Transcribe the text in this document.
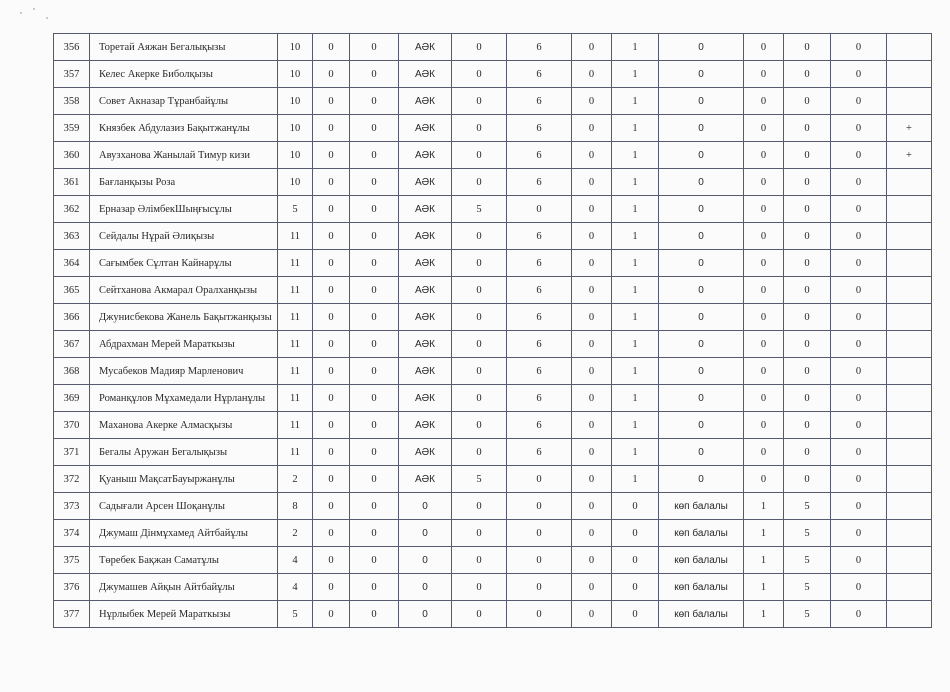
356	Торетай Аяжан Бегалықызы	10	0	0	АӘК	0	6	0	1	0	0	0	0	
357	Келес Акерке Биболқызы	10	0	0	АӘК	0	6	0	1	0	0	0	0	
358	Совет Акназар Тұранбайұлы	10	0	0	АӘК	0	6	0	1	0	0	0	0	
359	Князбек Абдулазиз Бақытжанұлы	10	0	0	АӘК	0	6	0	1	0	0	0	0	+
360	Авузханова Жанылай Тимур кизи	10	0	0	АӘК	0	6	0	1	0	0	0	0	+
361	Бағланқызы Роза	10	0	0	АӘК	0	6	0	1	0	0	0	0	
362	Ерназар ӘлімбекШыңғысұлы	5	0	0	АӘК	5	0	0	1	0	0	0	0	
363	Сейдалы Нұрай Әлиқызы	11	0	0	АӘК	0	6	0	1	0	0	0	0	
364	Сағымбек Сұлтан Кайнарұлы	11	0	0	АӘК	0	6	0	1	0	0	0	0	
365	Сейтханова Акмарал Оралханқызы	11	0	0	АӘК	0	6	0	1	0	0	0	0	
366	Джунисбекова Жанель Бақытжанқызы	11	0	0	АӘК	0	6	0	1	0	0	0	0	
367	Абдрахман Мерей Мараткызы	11	0	0	АӘК	0	6	0	1	0	0	0	0	
368	Мусабеков Мадияр Марленович	11	0	0	АӘК	0	6	0	1	0	0	0	0	
369	Романқұлов Мұхамедали Нұрланұлы	11	0	0	АӘК	0	6	0	1	0	0	0	0	
370	Маханова Акерке Алмасқызы	11	0	0	АӘК	0	6	0	1	0	0	0	0	
371	Бегалы Аружан Бегалықызы	11	0	0	АӘК	0	6	0	1	0	0	0	0	
372	Қуаныш МақсатБауыржанұлы	2	0	0	АӘК	5	0	0	1	0	0	0	0	
373	Садығали Арсен Шоқанұлы	8	0	0	0	0	0	0	0	көп балалы	1	5	0	
374	Джумаш Дінмұхамед Айтбайұлы	2	0	0	0	0	0	0	0	көп балалы	1	5	0	
375	Төребек Бақжан Саматұлы	4	0	0	0	0	0	0	0	көп балалы	1	5	0	
376	Джумашев Айқын Айтбайұлы	4	0	0	0	0	0	0	0	көп балалы	1	5	0	
377	Нұрлыбек Мерей Мараткызы	5	0	0	0	0	0	0	0	көп балалы	1	5	0	
